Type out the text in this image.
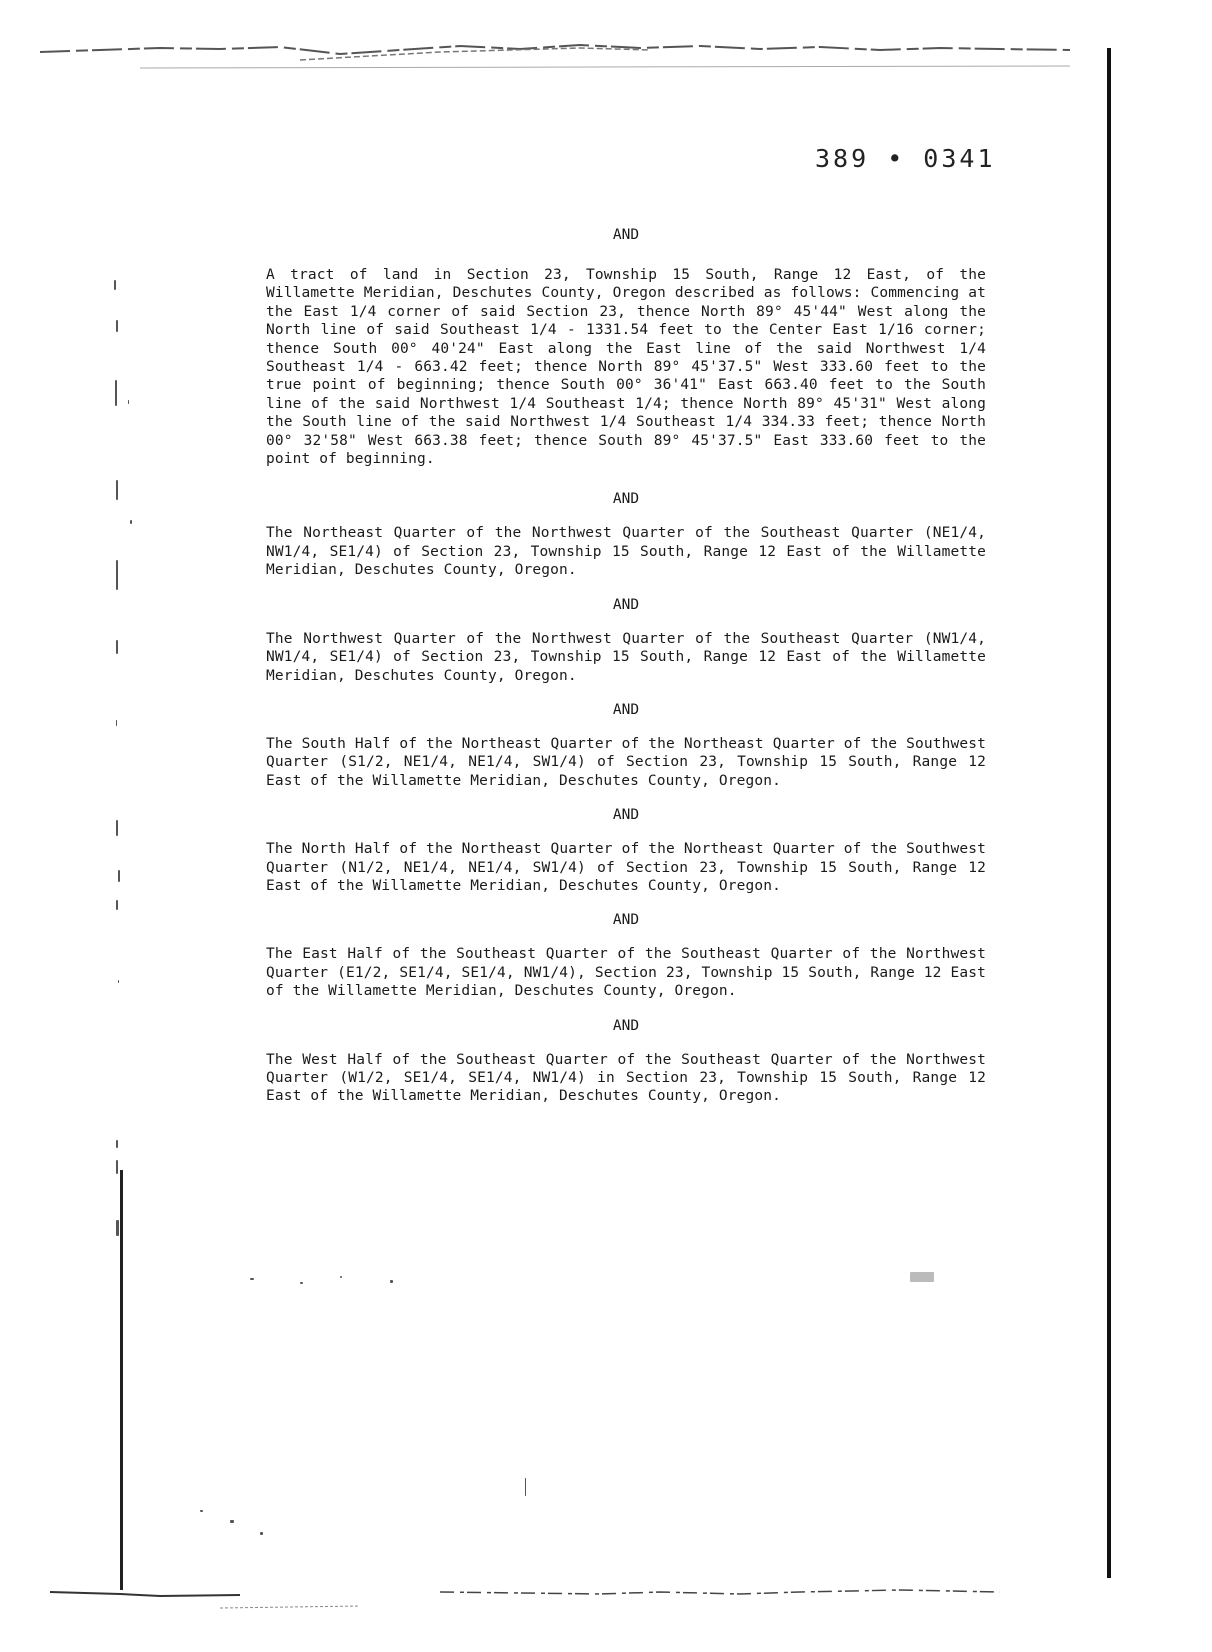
389 • 0341

AND

A tract of land in Section 23, Township 15 South, Range 12 East, of the Willamette Meridian, Deschutes County, Oregon described as follows: Commencing at the East 1/4 corner of said Section 23, thence North 89° 45'44" West along the North line of said Southeast 1/4 - 1331.54 feet to the Center East 1/16 corner; thence South 00° 40'24" East along the East line of the said Northwest 1/4 Southeast 1/4 - 663.42 feet; thence North 89° 45'37.5" West 333.60 feet to the true point of beginning; thence South 00° 36'41" East 663.40 feet to the South line of the said Northwest 1/4 Southeast 1/4; thence North 89° 45'31" West along the South line of the said Northwest 1/4 Southeast 1/4 334.33 feet; thence North 00° 32'58" West 663.38 feet; thence South 89° 45'37.5" East 333.60 feet to the point of beginning.

AND

The Northeast Quarter of the Northwest Quarter of the Southeast Quarter (NE1/4, NW1/4, SE1/4) of Section 23, Township 15 South, Range 12 East of the Willamette Meridian, Deschutes County, Oregon.

AND

The Northwest Quarter of the Northwest Quarter of the Southeast Quarter (NW1/4, NW1/4, SE1/4) of Section 23, Township 15 South, Range 12 East of the Willamette Meridian, Deschutes County, Oregon.

AND

The South Half of the Northeast Quarter of the Northeast Quarter of the Southwest Quarter (S1/2, NE1/4, NE1/4, SW1/4) of Section 23, Township 15 South, Range 12 East of the Willamette Meridian, Deschutes County, Oregon.

AND

The North Half of the Northeast Quarter of the Northeast Quarter of the Southwest Quarter (N1/2, NE1/4, NE1/4, SW1/4) of Section 23, Township 15 South, Range 12 East of the Willamette Meridian, Deschutes County, Oregon.

AND

The East Half of the Southeast Quarter of the Southeast Quarter of the Northwest Quarter (E1/2, SE1/4, SE1/4, NW1/4), Section 23, Township 15 South, Range 12 East of the Willamette Meridian, Deschutes County, Oregon.

AND

The West Half of the Southeast Quarter of the Southeast Quarter of the Northwest Quarter (W1/2, SE1/4, SE1/4, NW1/4) in Section 23, Township 15 South, Range 12 East of the Willamette Meridian, Deschutes County, Oregon.
